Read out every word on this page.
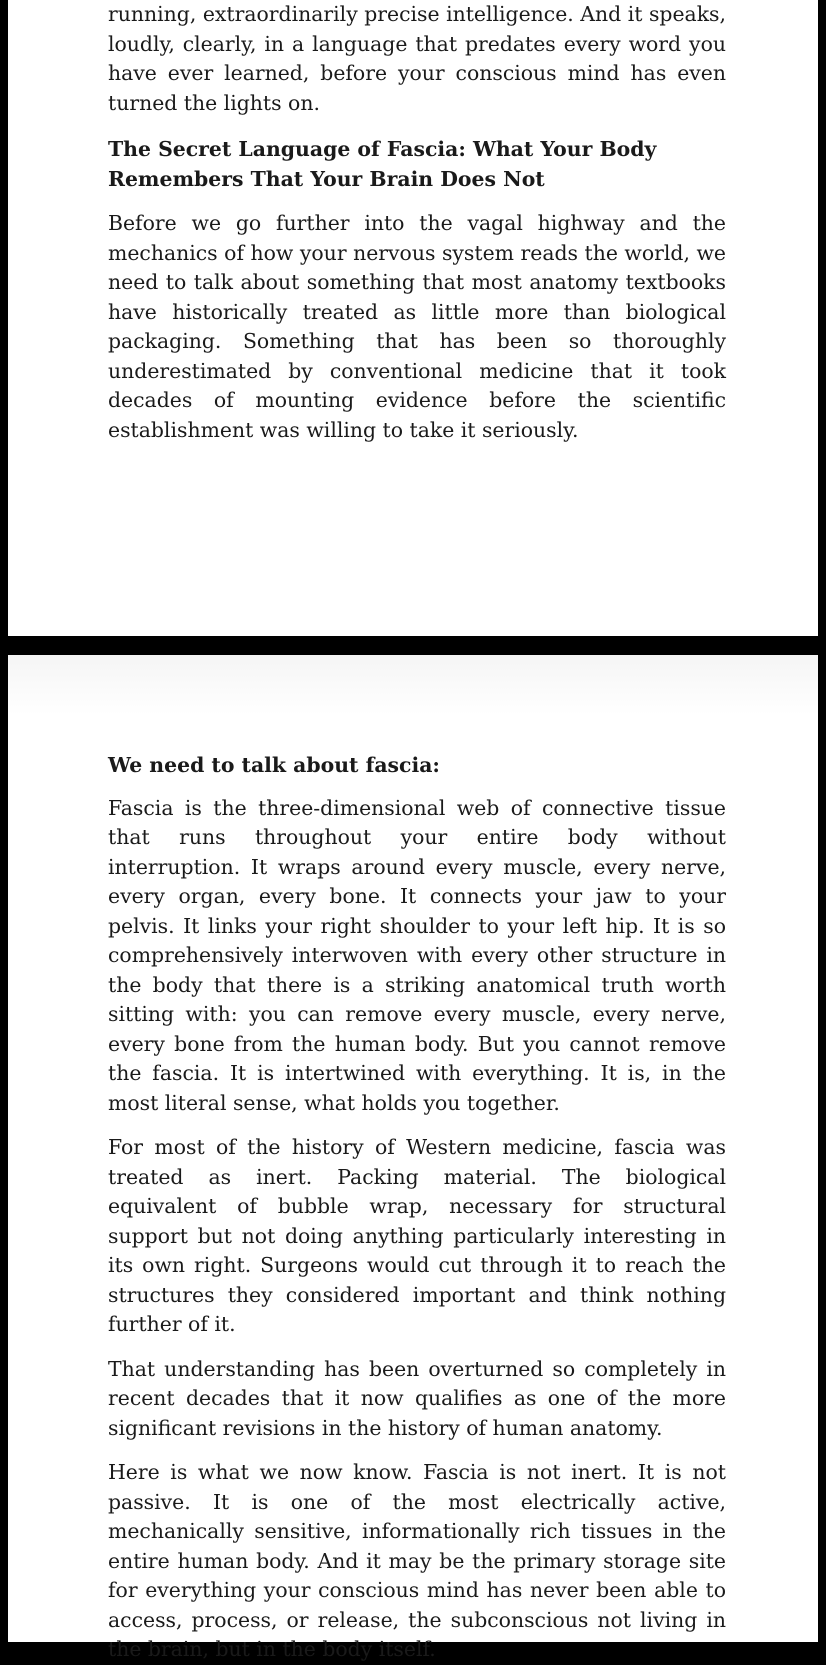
running, extraordinarily precise intelligence. And it speaks, loudly, clearly, in a language that predates every word you have ever learned, before your conscious mind has even turned the lights on.

The Secret Language of Fascia: What Your Body Remembers That Your Brain Does Not

Before we go further into the vagal highway and the mechanics of how your nervous system reads the world, we need to talk about something that most anatomy textbooks have historically treated as little more than biological packaging. Something that has been so thoroughly underestimated by conventional medicine that it took decades of mounting evidence before the scientific establishment was willing to take it seriously.

We need to talk about fascia:

Fascia is the three-dimensional web of connective tissue that runs throughout your entire body without interruption. It wraps around every muscle, every nerve, every organ, every bone. It connects your jaw to your pelvis. It links your right shoulder to your left hip. It is so comprehensively interwoven with every other structure in the body that there is a striking anatomical truth worth sitting with: you can remove every muscle, every nerve, every bone from the human body. But you cannot remove the fascia. It is intertwined with everything. It is, in the most literal sense, what holds you together.

For most of the history of Western medicine, fascia was treated as inert. Packing material. The biological equivalent of bubble wrap, necessary for structural support but not doing anything particularly interesting in its own right. Surgeons would cut through it to reach the structures they considered important and think nothing further of it.

That understanding has been overturned so completely in recent decades that it now qualifies as one of the more significant revisions in the history of human anatomy.

Here is what we now know. Fascia is not inert. It is not passive. It is one of the most electrically active, mechanically sensitive, informationally rich tissues in the entire human body. And it may be the primary storage site for everything your conscious mind has never been able to access, process, or release, the subconscious not living in the brain, but in the body itself.
